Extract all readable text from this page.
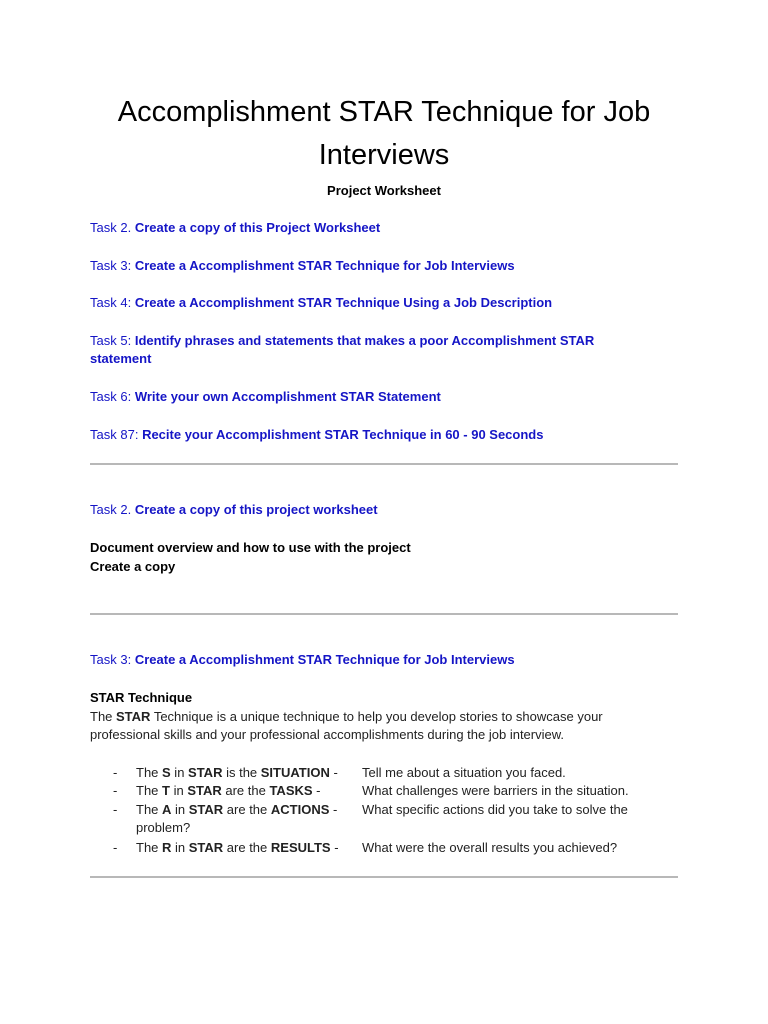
Accomplishment STAR Technique for Job
Interviews

Project Worksheet

Task 2. Create a copy of this Project Worksheet
Task 3: Create a Accomplishment STAR Technique for Job Interviews
Task 4: Create a Accomplishment STAR Technique Using a Job Description
Task 5: Identify phrases and statements that makes a poor Accomplishment STAR
statement
Task 6: Write your own Accomplishment STAR Statement
Task 87: Recite your Accomplishment STAR Technique in 60 - 90 Seconds
Task 2. Create a copy of this project worksheet
Document overview and how to use with the project
Create a copy
Task 3: Create a Accomplishment STAR Technique for Job Interviews
STAR Technique
The STAR Technique is a unique technique to help you develop stories to showcase your
professional skills and your professional accomplishments during the job interview.
- The S in STAR is the SITUATION - Tell me about a situation you faced.
- The T in STAR are the TASKS -	What challenges were barriers in the situation.
- The A in STAR are the ACTIONS - What specific actions did you take to solve the
problem?
- The R in STAR are the RESULTS - What were the overall results you achieved?
